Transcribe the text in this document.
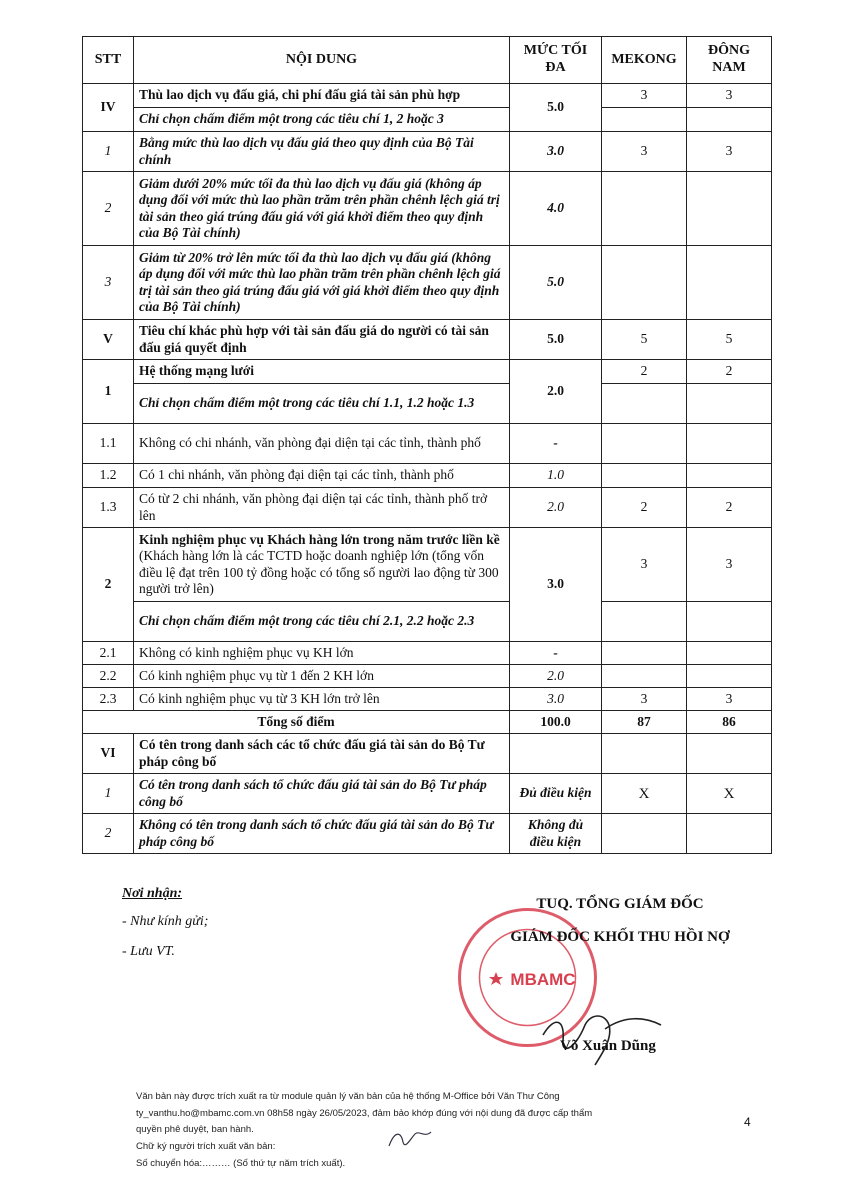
STT	NỘI DUNG	MỨC TỐI ĐA	MEKONG	ĐÔNG NAM
IV	Thù lao dịch vụ đấu giá, chi phí đấu giá tài sản phù hợp	5.0	3	3
	Chỉ chọn chấm điểm một trong các tiêu chí 1, 2 hoặc 3			
1	Bằng mức thù lao dịch vụ đấu giá theo quy định của Bộ Tài chính	3.0	3	3
2	Giảm dưới 20% mức tối đa thù lao dịch vụ đấu giá (không áp dụng đối với mức thù lao phần trăm trên phần chênh lệch giá trị tài sản theo giá trúng đấu giá với giá khởi điểm theo quy định của Bộ Tài chính)	4.0		
3	Giảm từ 20% trở lên mức tối đa thù lao dịch vụ đấu giá (không áp dụng đối với mức thù lao phần trăm trên phần chênh lệch giá trị tài sản theo giá trúng đấu giá với giá khởi điểm theo quy định của Bộ Tài chính)	5.0		
V	Tiêu chí khác phù hợp với tài sản đấu giá do người có tài sản đấu giá quyết định	5.0	5	5
1	Hệ thống mạng lưới	2.0	2	2
	Chỉ chọn chấm điểm một trong các tiêu chí 1.1, 1.2 hoặc 1.3			
1.1	Không có chi nhánh, văn phòng đại diện tại các tỉnh, thành phố	-		
1.2	Có 1 chi nhánh, văn phòng đại diện tại các tỉnh, thành phố	1.0		
1.3	Có từ 2 chi nhánh, văn phòng đại diện tại các tỉnh, thành phố trở lên	2.0	2	2
2	Kinh nghiệm phục vụ Khách hàng lớn trong năm trước liền kề (Khách hàng lớn là các TCTD hoặc doanh nghiệp lớn (tổng vốn điều lệ đạt trên 100 tỷ đồng hoặc có tổng số người lao động từ 300 người trở lên)	3.0	3	3
	Chỉ chọn chấm điểm một trong các tiêu chí 2.1, 2.2 hoặc 2.3			
2.1	Không có kinh nghiệm phục vụ KH lớn	-		
2.2	Có kinh nghiệm phục vụ từ 1 đến 2 KH lớn	2.0		
2.3	Có kinh nghiệm phục vụ từ 3 KH lớn trở lên	3.0	3	3
Tổng số điểm		100.0	87	86
VI	Có tên trong danh sách các tổ chức đấu giá tài sản do Bộ Tư pháp công bố			
1	Có tên trong danh sách tổ chức đấu giá tài sản do Bộ Tư pháp công bố	Đủ điều kiện	X	X
2	Không có tên trong danh sách tổ chức đấu giá tài sản do Bộ Tư pháp công bố	Không đủ điều kiện		
Nơi nhận:
- Như kính gửi;
- Lưu VT.
MBAMC
TUQ. TỔNG GIÁM ĐỐC
GIÁM ĐỐC KHỐI THU HỒI NỢ
Võ Xuân Dũng
Văn bản này được trích xuất ra từ module quản lý văn bản của hệ thống M-Office bởi Văn Thư Công
ty_vanthu.ho@mbamc.com.vn 08h58 ngày 26/05/2023, đảm bảo khớp đúng với nội dung đã được cấp thẩm
quyền phê duyệt, ban hành.
Chữ ký người trích xuất văn bản:
Số chuyển hóa:……… (Số thứ tự năm trích xuất).
4
